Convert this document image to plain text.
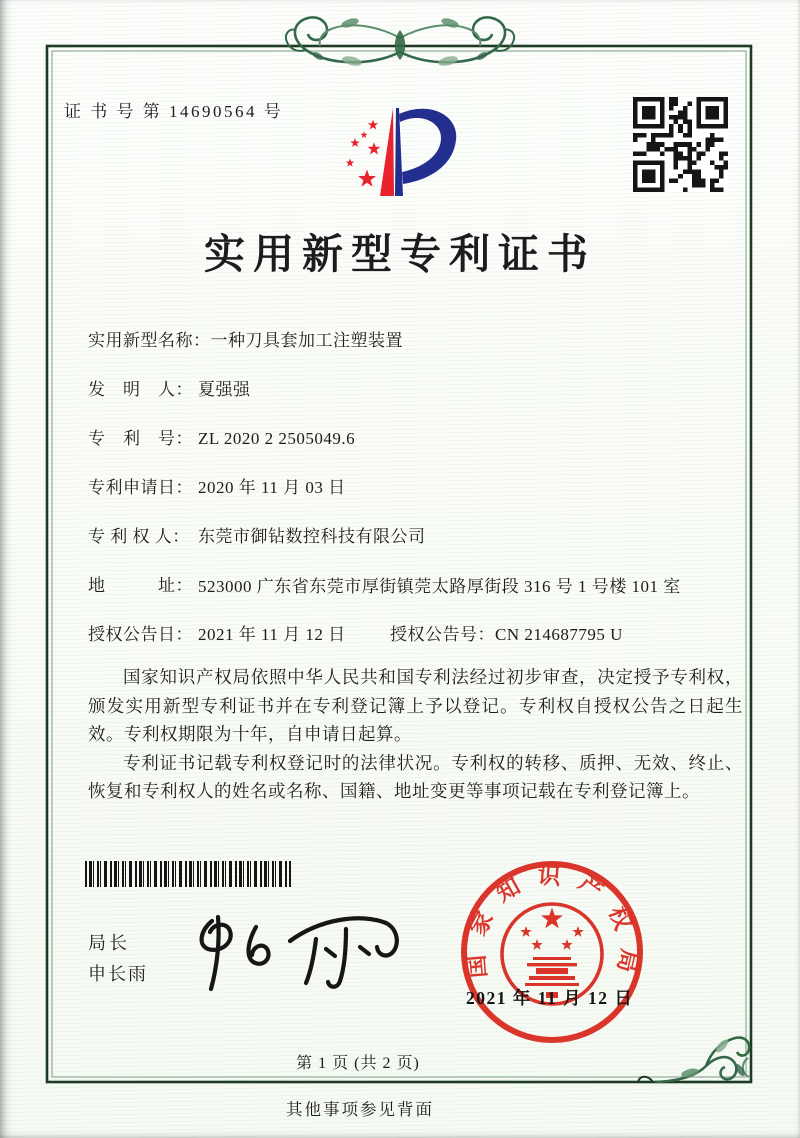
证 书 号 第 14690564 号
实用新型专利证书
实用新型名称：一种刀具套加工注塑装置
发　明　人： 夏强强
专　利　号： ZL 2020 2 2505049.6
专利申请日： 2020 年 11 月 03 日
专 利 权 人： 东莞市御钻数控科技有限公司
地　　　址： 523000 广东省东莞市厚街镇莞太路厚街段 316 号 1 号楼 101 室
授权公告日： 2021 年 11 月 12 日	授权公告号：CN 214687795 U

国家知识产权局依照中华人民共和国专利法经过初步审查，决定授予专利权，颁发实用新型专利证书并在专利登记簿上予以登记。专利权自授权公告之日起生效。专利权期限为十年，自申请日起算。

专利证书记载专利权登记时的法律状况。专利权的转移、质押、无效、终止、恢复和专利权人的姓名或名称、国籍、地址变更等事项记载在专利登记簿上。

局长
申长雨	国家知识产权局
2021 年 11 月 12 日
第 1 页 (共 2 页)
其他事项参见背面
